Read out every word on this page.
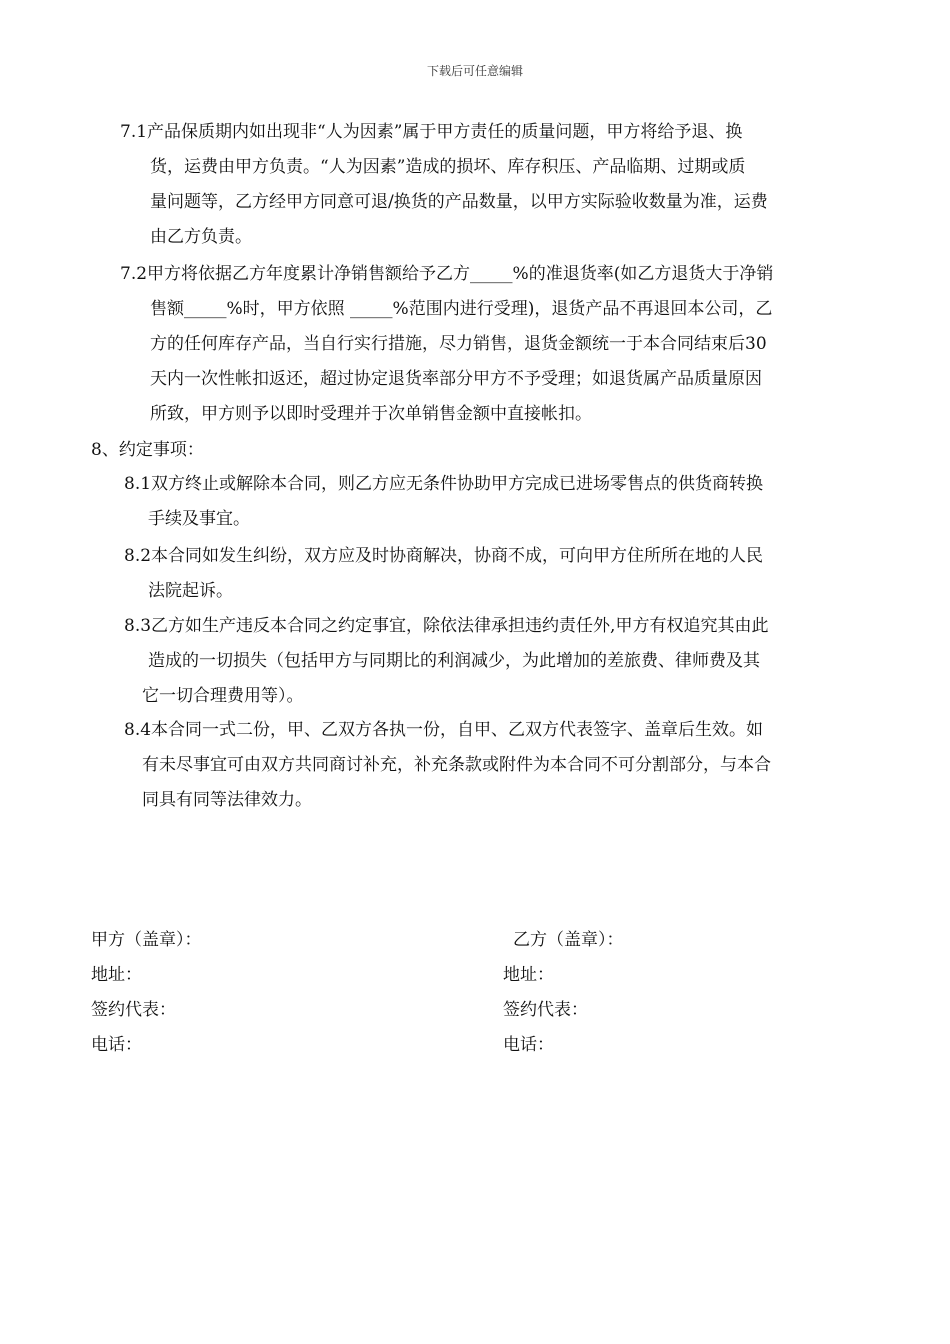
下载后可任意编辑
7.1产品保质期内如出现非“人为因素”属于甲方责任的质量问题，甲方将给予退、换
货，运费由甲方负责。“人为因素”造成的损坏、库存积压、产品临期、过期或质
量问题等，乙方经甲方同意可退/换货的产品数量，以甲方实际验收数量为准，运费
由乙方负责。
7.2甲方将依据乙方年度累计净销售额给予乙方_____%的准退货率(如乙方退货大于净销
售额_____%时，甲方依照 _____%范围内进行受理)，退货产品不再退回本公司，乙
方的任何库存产品，当自行实行措施，尽力销售，退货金额统一于本合同结束后30
天内一次性帐扣返还，超过协定退货率部分甲方不予受理；如退货属产品质量原因
所致，甲方则予以即时受理并于次单销售金额中直接帐扣。
8、约定事项：
8.1双方终止或解除本合同，则乙方应无条件协助甲方完成已进场零售点的供货商转换
手续及事宜。
8.2本合同如发生纠纷，双方应及时协商解决，协商不成，可向甲方住所所在地的人民
法院起诉。
8.3乙方如生产违反本合同之约定事宜，除依法律承担违约责任外,甲方有权追究其由此
造成的一切损失（包括甲方与同期比的利润减少，为此增加的差旅费、律师费及其
它一切合理费用等）。
8.4本合同一式二份，甲、乙双方各执一份，自甲、乙双方代表签字、盖章后生效。如
有未尽事宜可由双方共同商讨补充，补充条款或附件为本合同不可分割部分，与本合
同具有同等法律效力。
甲方（盖章）：
地址：
签约代表：
电话：
乙方（盖章）：
地址：
签约代表：
电话：
